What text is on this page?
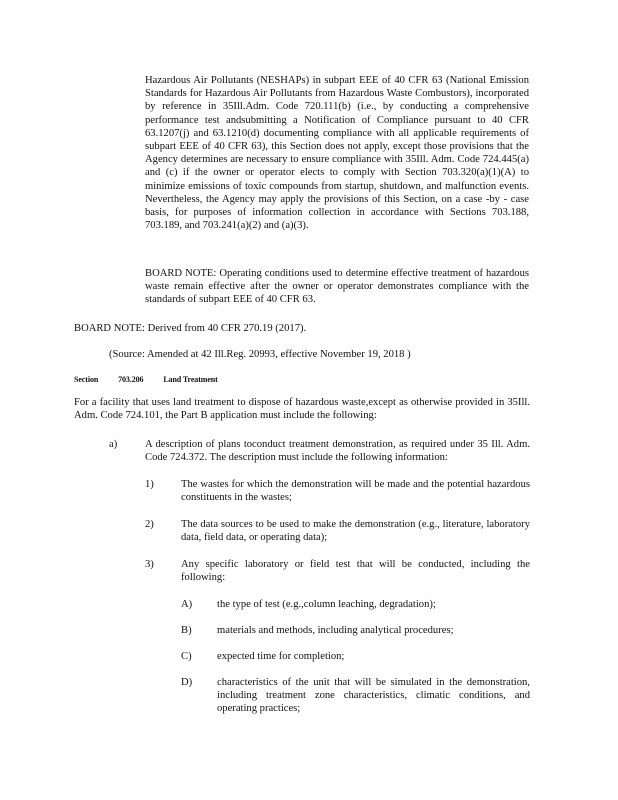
Hazardous Air Pollutants (NESHAPs) in subpart EEE of 40 CFR 63 (National Emission Standards for Hazardous Air Pollutants from Hazardous Waste Combustors), incorporated by reference in 35Ill.Adm. Code 720.111(b) (i.e., by conducting a comprehensive performance test andsubmitting a Notification of Compliance pursuant to 40 CFR 63.1207(j) and 63.1210(d) documenting compliance with all applicable requirements of subpart EEE of 40 CFR 63), this Section does not apply, except those provisions that the Agency determines are necessary to ensure compliance with 35Ill. Adm. Code 724.445(a) and (c) if the owner or operator elects to comply with Section 703.320(a)(1)(A) to minimize emissions of toxic compounds from startup, shutdown, and malfunction events. Nevertheless, the Agency may apply the provisions of this Section, on a case -by - case basis, for purposes of information collection in accordance with Sections 703.188, 703.189, and 703.241(a)(2) and (a)(3).

BOARD NOTE: Operating conditions used to determine effective treatment of hazardous waste remain effective after the owner or operator demonstrates compliance with the standards of subpart EEE of 40 CFR 63.

BOARD NOTE: Derived from 40 CFR 270.19 (2017).
(Source: Amended at 42 Ill.Reg. 20993, effective November 19, 2018 )
Section 703.206 Land Treatment

For a facility that uses land treatment to dispose of hazardous waste,except as otherwise provided in 35Ill. Adm. Code 724.101, the Part B application must include the following:

a)	A description of plans toconduct treatment demonstration, as required under 35 Ill. Adm. Code 724.372. The description must include the following information:
1)	The wastes for which the demonstration will be made and the potential hazardous constituents in the wastes;
2)	The data sources to be used to make the demonstration (e.g., literature, laboratory data, field data, or operating data);
3)	Any specific laboratory or field test that will be conducted, including the following:
A) the type of test (e.g.,column leaching, degradation);
B) materials and methods, including analytical procedures;
C) expected time for completion;
D) characteristics of the unit that will be simulated in the demonstration, including treatment zone characteristics, climatic conditions, and operating practices;
